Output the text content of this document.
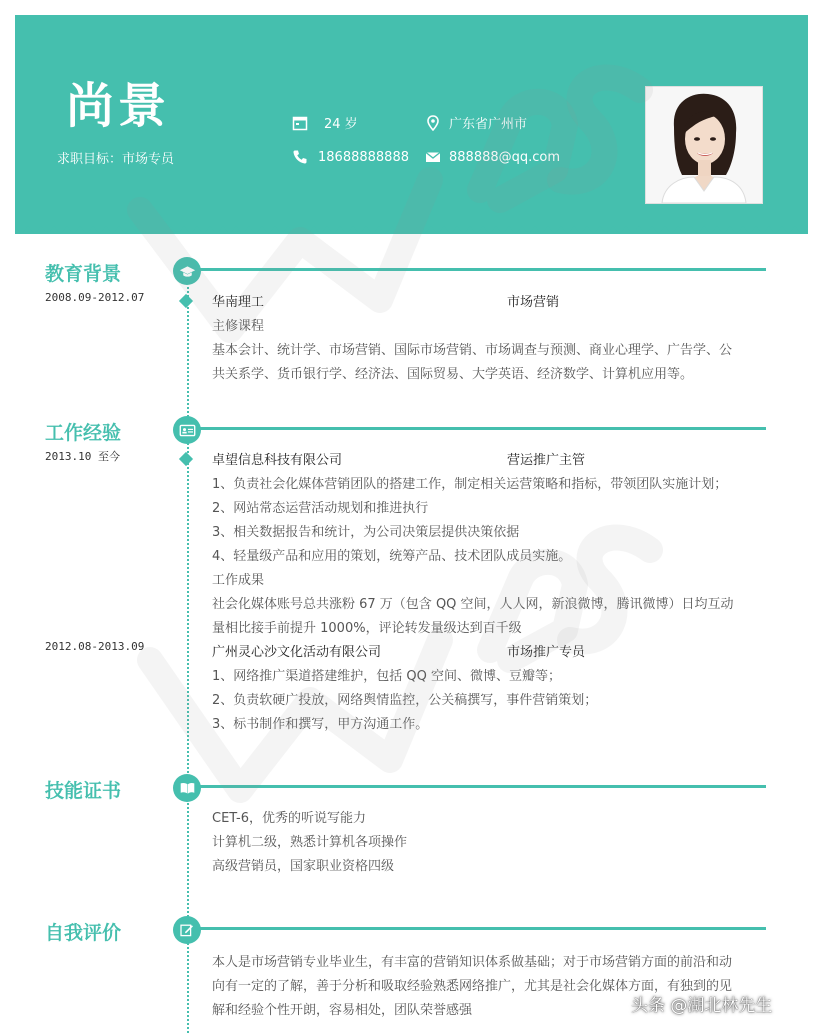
尚景
求职目标：市场专员
24 岁	广东省广州市
18688888888	888888@qq.com
教育背景
2008.09-2012.07	华南理工	市场营销
主修课程
基本会计、统计学、市场营销、国际市场营销、市场调查与预测、商业心理学、广告学、公
共关系学、货币银行学、经济法、国际贸易、大学英语、经济数学、计算机应用等。
工作经验
2013.10 至今	卓望信息科技有限公司	营运推广主管
1、负责社会化媒体营销团队的搭建工作，制定相关运营策略和指标，带领团队实施计划；
2、网站常态运营活动规划和推进执行
3、相关数据报告和统计，为公司决策层提供决策依据
4、轻量级产品和应用的策划，统筹产品、技术团队成员实施。
工作成果
社会化媒体账号总共涨粉 67 万（包含 QQ 空间，人人网，新浪微博，腾讯微博）日均互动
量相比接手前提升 1000%，评论转发量级达到百千级
2012.08-2013.09	广州灵心沙文化活动有限公司	市场推广专员
1、网络推广渠道搭建维护，包括 QQ 空间、微博、豆瓣等；
2、负责软硬广投放，网络舆情监控，公关稿撰写，事件营销策划；
3、标书制作和撰写，甲方沟通工作。
技能证书
CET-6，优秀的听说写能力
计算机二级，熟悉计算机各项操作
高级营销员，国家职业资格四级
自我评价
本人是市场营销专业毕业生，有丰富的营销知识体系做基础；对于市场营销方面的前沿和动
向有一定的了解，善于分析和吸取经验熟悉网络推广，尤其是社会化媒体方面，有独到的见
解和经验个性开朗，容易相处，团队荣誉感强	头条 @湖北林先生
